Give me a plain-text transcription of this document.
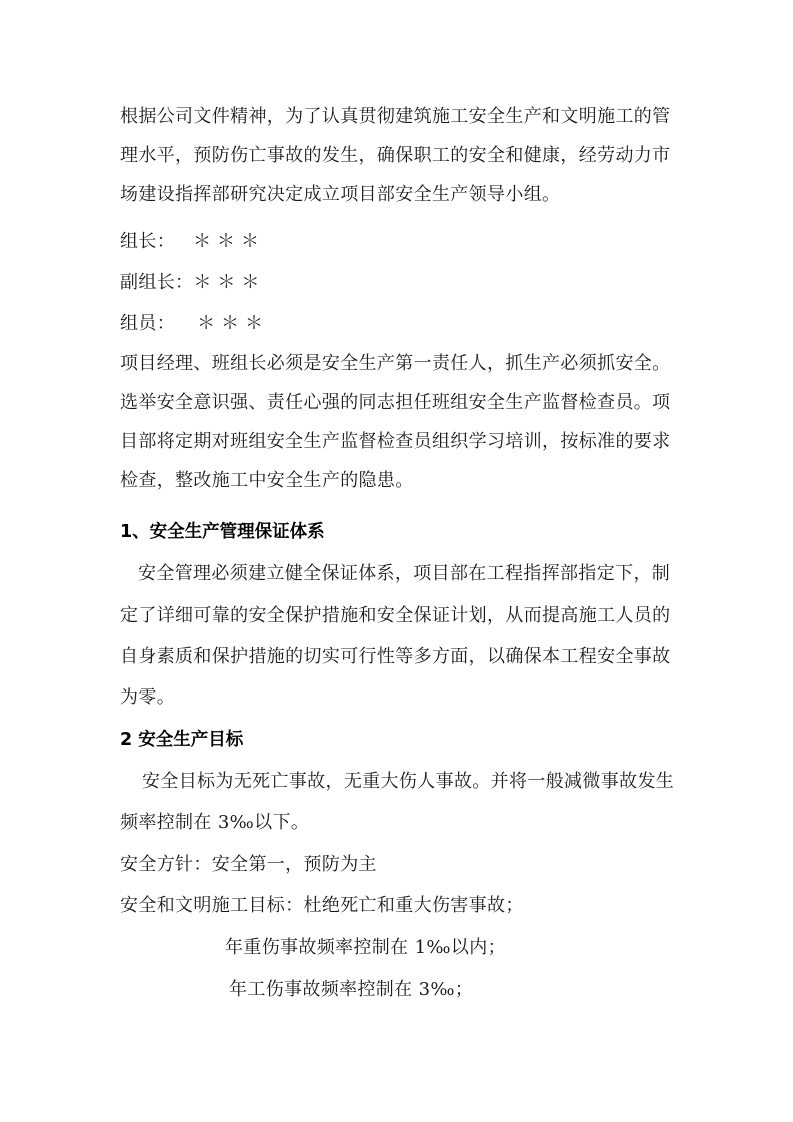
根据公司文件精神，为了认真贯彻建筑施工安全生产和文明施工的管
理水平，预防伤亡事故的发生，确保职工的安全和健康，经劳动力市
场建设指挥部研究决定成立项目部安全生产领导小组。
组长： ＊＊＊
副组长：＊＊＊
组员： ＊＊＊
项目经理、班组长必须是安全生产第一责任人，抓生产必须抓安全。
选举安全意识强、责任心强的同志担任班组安全生产监督检查员。项
目部将定期对班组安全生产监督检查员组织学习培训，按标准的要求
检查，整改施工中安全生产的隐患。
1、安全生产管理保证体系
安全管理必须建立健全保证体系，项目部在工程指挥部指定下，制
定了详细可靠的安全保护措施和安全保证计划，从而提高施工人员的
自身素质和保护措施的切实可行性等多方面，以确保本工程安全事故
为零。
2 安全生产目标
安全目标为无死亡事故，无重大伤人事故。并将一般减微事故发生
频率控制在 3‰以下。
安全方针：安全第一，预防为主
安全和文明施工目标：杜绝死亡和重大伤害事故；
年重伤事故频率控制在 1‰以内；
年工伤事故频率控制在 3‰；
